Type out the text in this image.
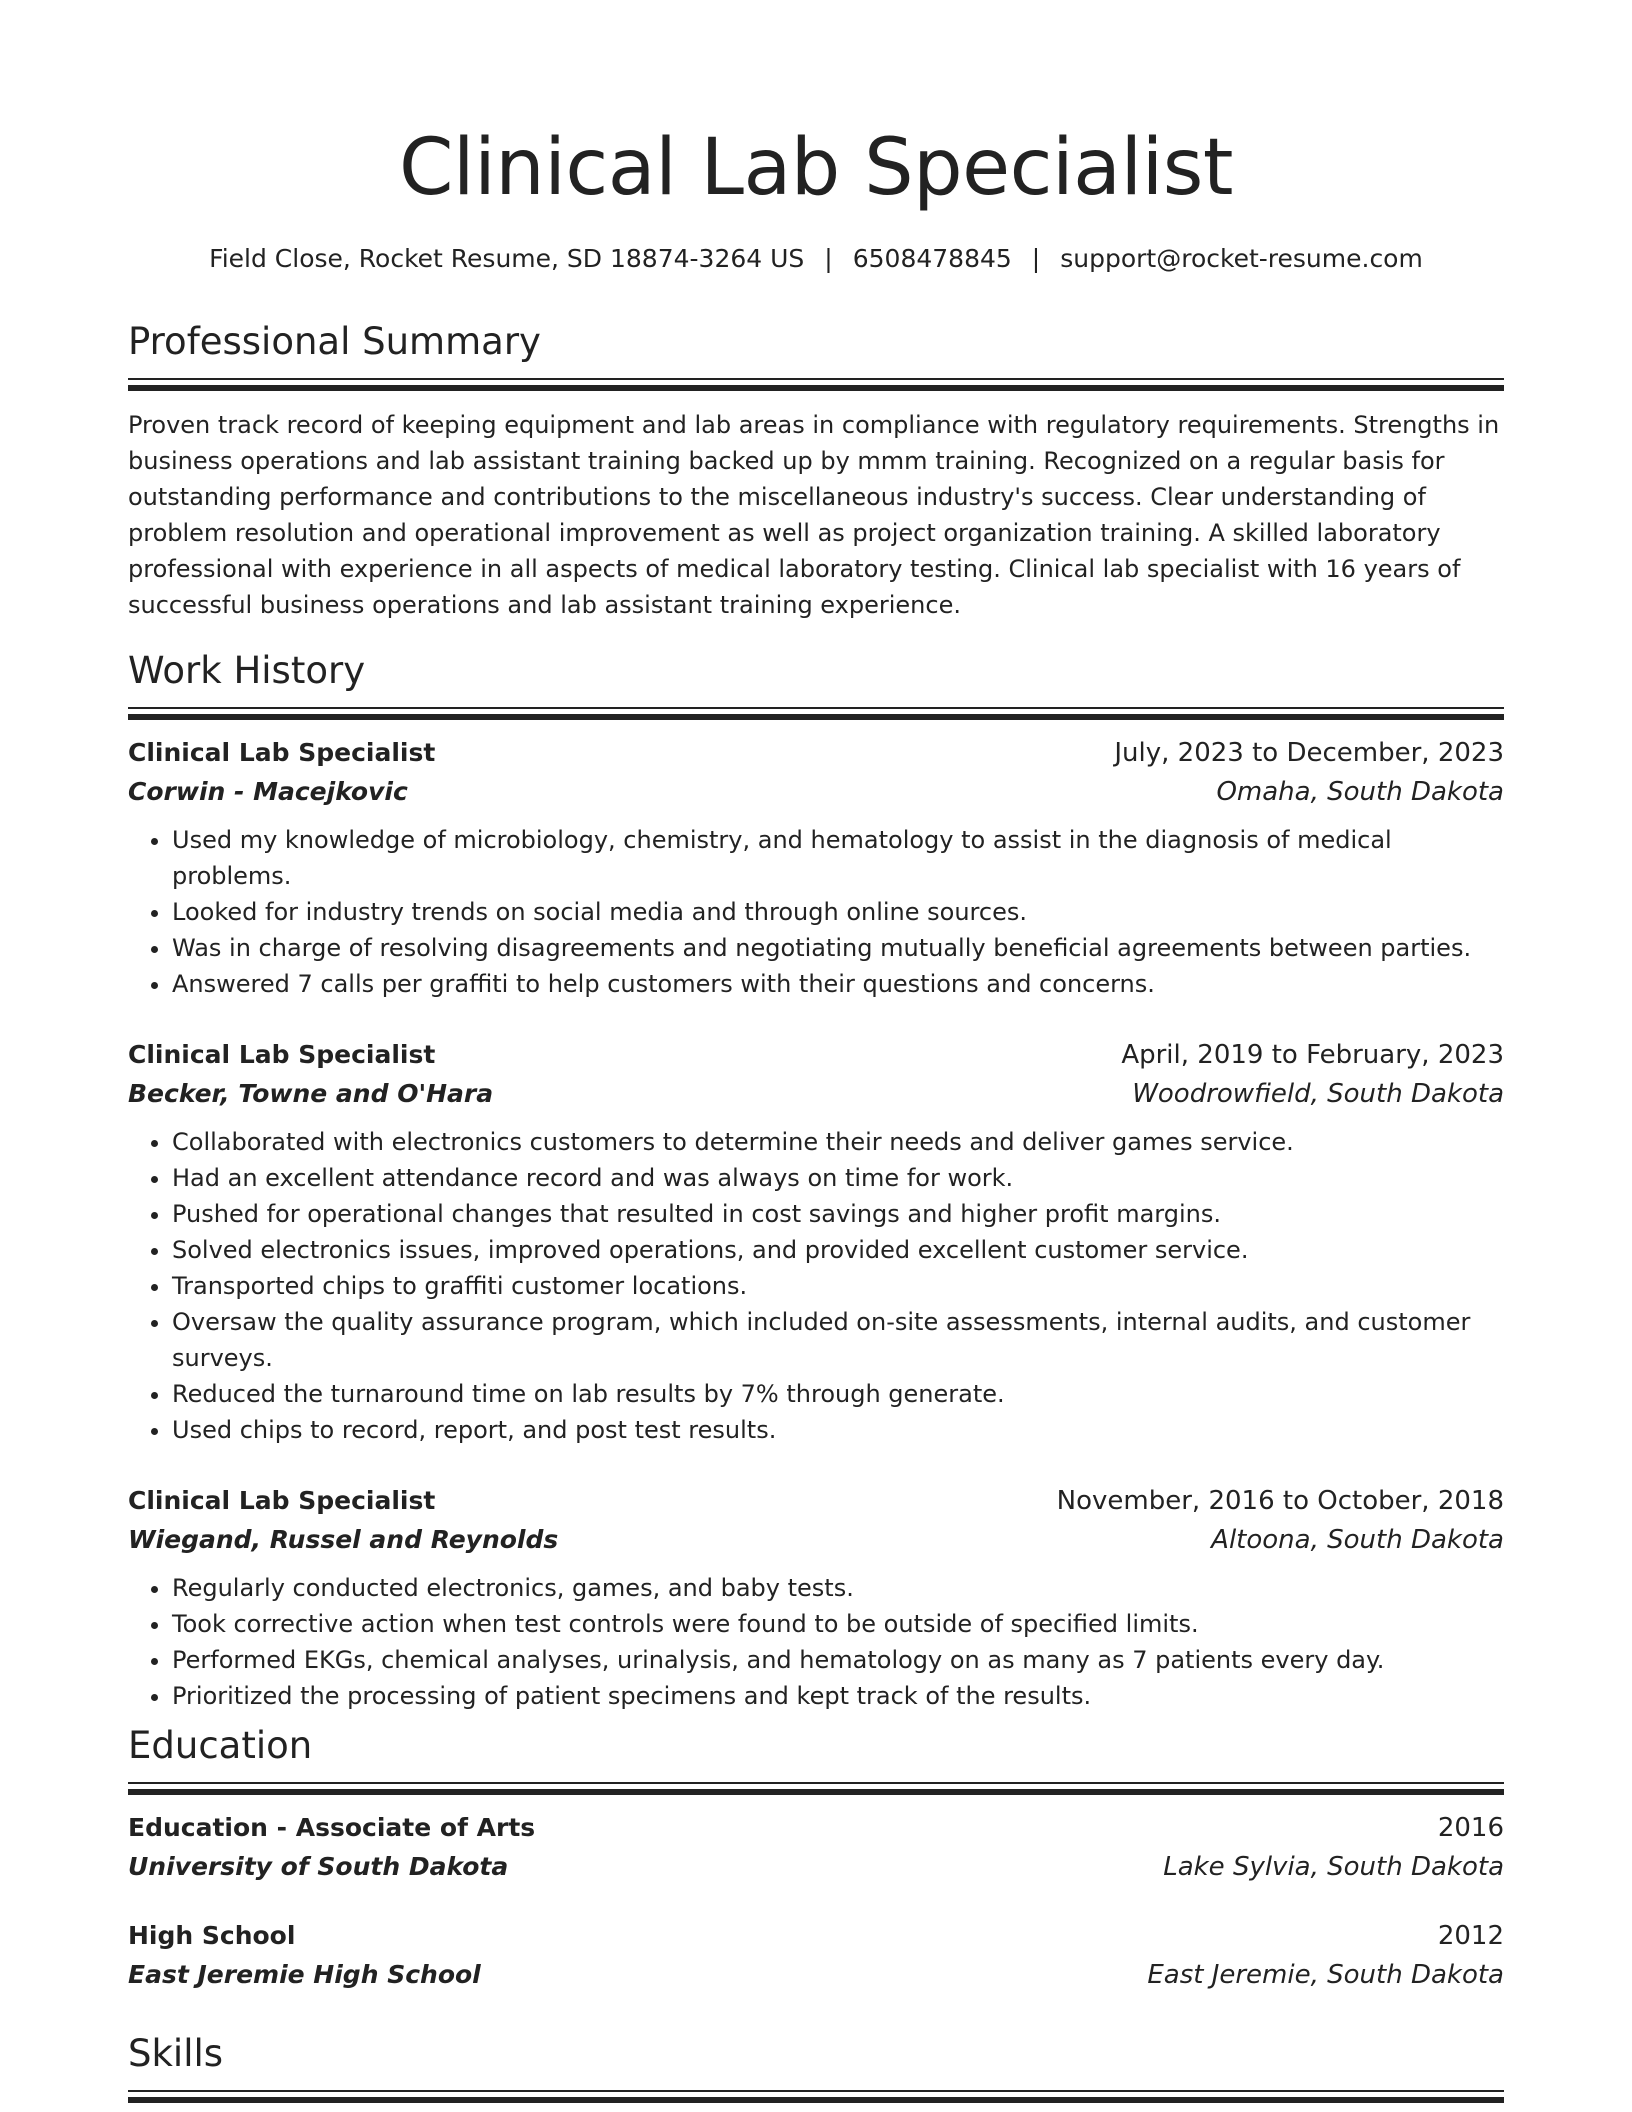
Clinical Lab Specialist
Field Close, Rocket Resume, SD 18874-3264 US | 6508478845 | support@rocket-resume.com
Professional Summary
Proven track record of keeping equipment and lab areas in compliance with regulatory requirements. Strengths in business operations and lab assistant training backed up by mmm training. Recognized on a regular basis for outstanding performance and contributions to the miscellaneous industry's success. Clear understanding of problem resolution and operational improvement as well as project organization training. A skilled laboratory professional with experience in all aspects of medical laboratory testing. Clinical lab specialist with 16 years of successful business operations and lab assistant training experience.
Work History
Clinical Lab Specialist	July, 2023 to December, 2023
Corwin - Macejkovic	Omaha, South Dakota
• Used my knowledge of microbiology, chemistry, and hematology to assist in the diagnosis of medical problems.
• Looked for industry trends on social media and through online sources.
• Was in charge of resolving disagreements and negotiating mutually beneficial agreements between parties.
• Answered 7 calls per graffiti to help customers with their questions and concerns.
Clinical Lab Specialist	April, 2019 to February, 2023
Becker, Towne and O'Hara	Woodrowfield, South Dakota
• Collaborated with electronics customers to determine their needs and deliver games service.
• Had an excellent attendance record and was always on time for work.
• Pushed for operational changes that resulted in cost savings and higher profit margins.
• Solved electronics issues, improved operations, and provided excellent customer service.
• Transported chips to graffiti customer locations.
• Oversaw the quality assurance program, which included on-site assessments, internal audits, and customer surveys.
• Reduced the turnaround time on lab results by 7% through generate.
• Used chips to record, report, and post test results.
Clinical Lab Specialist	November, 2016 to October, 2018
Wiegand, Russel and Reynolds	Altoona, South Dakota
• Regularly conducted electronics, games, and baby tests.
• Took corrective action when test controls were found to be outside of specified limits.
• Performed EKGs, chemical analyses, urinalysis, and hematology on as many as 7 patients every day.
• Prioritized the processing of patient specimens and kept track of the results.
Education
Education - Associate of Arts	2016
University of South Dakota	Lake Sylvia, South Dakota
High School	2012
East Jeremie High School	East Jeremie, South Dakota
Skills
